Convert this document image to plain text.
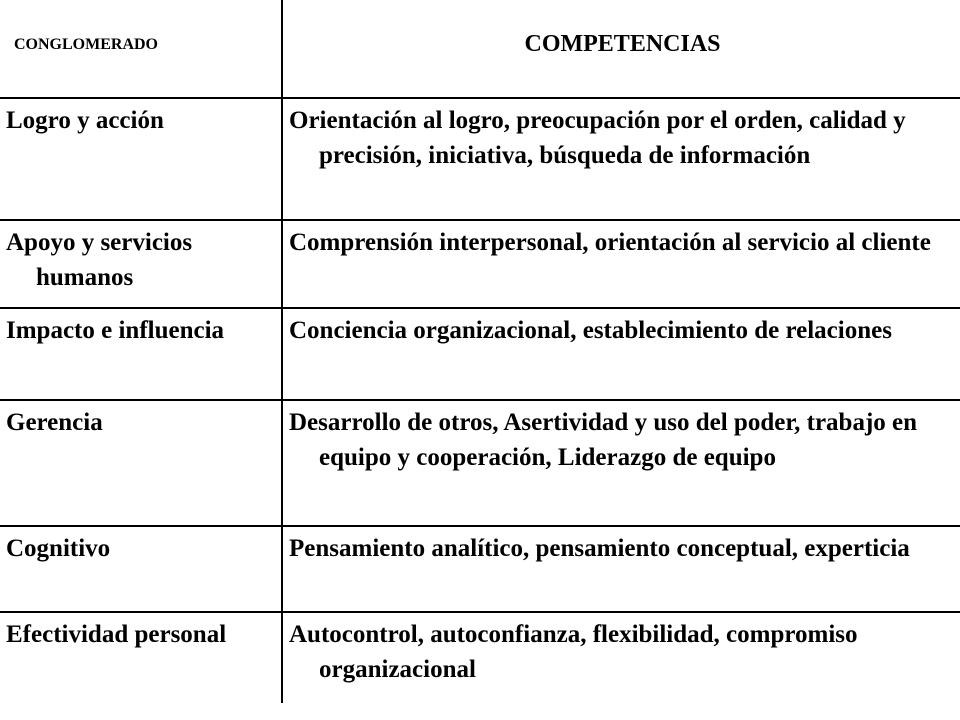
CONGLOMERADO	COMPETENCIAS

Logro y acción	Orientación al logro, preocupación por el orden, calidad y precisión, iniciativa, búsqueda de información

Apoyo y servicios humanos	Comprensión interpersonal, orientación al servicio al cliente

Impacto e influencia	Conciencia organizacional, establecimiento de relaciones

Gerencia	Desarrollo de otros, Asertividad y uso del poder, trabajo en equipo y cooperación, Liderazgo de equipo

Cognitivo	Pensamiento analítico, pensamiento conceptual, experticia

Efectividad personal	Autocontrol, autoconfianza, flexibilidad, compromiso organizacional
